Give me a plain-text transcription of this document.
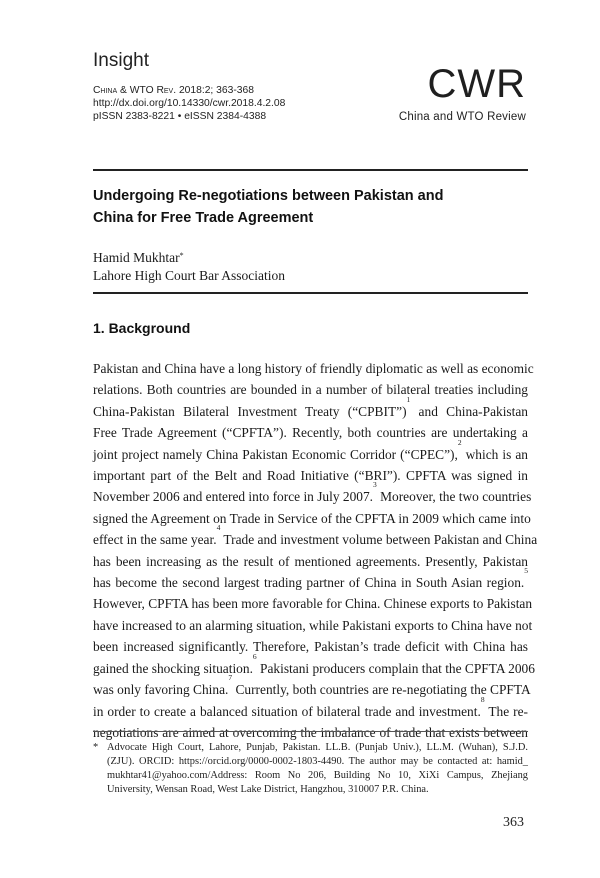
Insight
China & WTO Rev. 2018:2; 363-368
http://dx.doi.org/10.14330/cwr.2018.4.2.08
pISSN 2383-8221 • eISSN 2384-4388
CWR
China and WTO Review
Undergoing Re-negotiations between Pakistan and
China for Free Trade Agreement
Hamid Mukhtar*
Lahore High Court Bar Association
1. Background
Pakistan and China have a long history of friendly diplomatic as well as economic
relations. Both countries are bounded in a number of bilateral treaties including
China-Pakistan Bilateral Investment Treaty (“CPBIT”)$^1$ and China-Pakistan
Free Trade Agreement (“CPFTA”). Recently, both countries are undertaking a
joint project namely China Pakistan Economic Corridor (“CPEC”),$^2$ which is an
important part of the Belt and Road Initiative (“BRI”). CPFTA was signed in
November 2006 and entered into force in July 2007.$^3$ Moreover, the two countries
signed the Agreement on Trade in Service of the CPFTA in 2009 which came into
effect in the same year.$^4$ Trade and investment volume between Pakistan and China
has been increasing as the result of mentioned agreements. Presently, Pakistan
has become the second largest trading partner of China in South Asian region.$^5$
However, CPFTA has been more favorable for China. Chinese exports to Pakistan
have increased to an alarming situation, while Pakistani exports to China have not
been increased significantly. Therefore, Pakistan’s trade deficit with China has
gained the shocking situation.$^6$ Pakistani producers complain that the CPFTA 2006
was only favoring China.$^7$ Currently, both countries are re-negotiating the CPFTA
in order to create a balanced situation of bilateral trade and investment.$^8$ The re-
negotiations are aimed at overcoming the imbalance of trade that exists between
* Advocate High Court, Lahore, Punjab, Pakistan. LL.B. (Punjab Univ.), LL.M. (Wuhan), S.J.D.
(ZJU). ORCID: https://orcid.org/0000-0002-1803-4490. The author may be contacted at: hamid_
mukhtar41@yahoo.com/Address: Room No 206, Building No 10, XiXi Campus, Zhejiang
University, Wensan Road, West Lake District, Hangzhou, 310007 P.R. China.
363
